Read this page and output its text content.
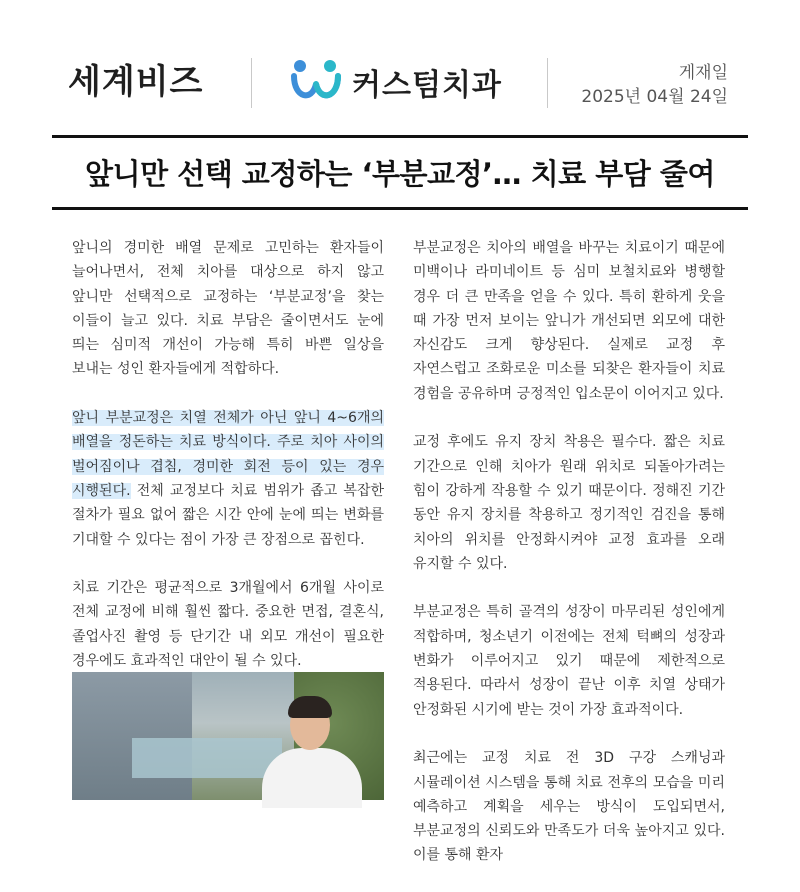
세계비즈	커스텀치과	게재일
2025년 04월 24일
앞니만 선택 교정하는 ‘부분교정’… 치료 부담 줄여

앞니의 경미한 배열 문제로 고민하는 환자들이 늘어나면서, 전체 치아를 대상으로 하지 않고 앞니만 선택적으로 교정하는 ‘부분교정’을 찾는 이들이 늘고 있다. 치료 부담은 줄이면서도 눈에 띄는 심미적 개선이 가능해 특히 바쁜 일상을 보내는 성인 환자들에게 적합하다.

앞니 부분교정은 치열 전체가 아닌 앞니 4~6개의 배열을 정돈하는 치료 방식이다. 주로 치아 사이의 벌어짐이나 겹침, 경미한 회전 등이 있는 경우 시행된다. 전체 교정보다 치료 범위가 좁고 복잡한 절차가 필요 없어 짧은 시간 안에 눈에 띄는 변화를 기대할 수 있다는 점이 가장 큰 장점으로 꼽힌다.

치료 기간은 평균적으로 3개월에서 6개월 사이로 전체 교정에 비해 훨씬 짧다. 중요한 면접, 결혼식, 졸업사진 촬영 등 단기간 내 외모 개선이 필요한 경우에도 효과적인 대안이 될 수 있다.

부분교정은 치아의 배열을 바꾸는 치료이기 때문에 미백이나 라미네이트 등 심미 보철치료와 병행할 경우 더 큰 만족을 얻을 수 있다. 특히 환하게 웃을 때 가장 먼저 보이는 앞니가 개선되면 외모에 대한 자신감도 크게 향상된다. 실제로 교정 후 자연스럽고 조화로운 미소를 되찾은 환자들이 치료 경험을 공유하며 긍정적인 입소문이 이어지고 있다.

교정 후에도 유지 장치 착용은 필수다. 짧은 치료 기간으로 인해 치아가 원래 위치로 되돌아가려는 힘이 강하게 작용할 수 있기 때문이다. 정해진 기간 동안 유지 장치를 착용하고 정기적인 검진을 통해 치아의 위치를 안정화시켜야 교정 효과를 오래 유지할 수 있다.

부분교정은 특히 골격의 성장이 마무리된 성인에게 적합하며, 청소년기 이전에는 전체 턱뼈의 성장과 변화가 이루어지고 있기 때문에 제한적으로 적용된다. 따라서 성장이 끝난 이후 치열 상태가 안정화된 시기에 받는 것이 가장 효과적이다.

최근에는 교정 치료 전 3D 구강 스캐닝과 시뮬레이션 시스템을 통해 치료 전후의 모습을 미리 예측하고 계획을 세우는 방식이 도입되면서, 부분교정의 신뢰도와 만족도가 더욱 높아지고 있다. 이를 통해 환자
